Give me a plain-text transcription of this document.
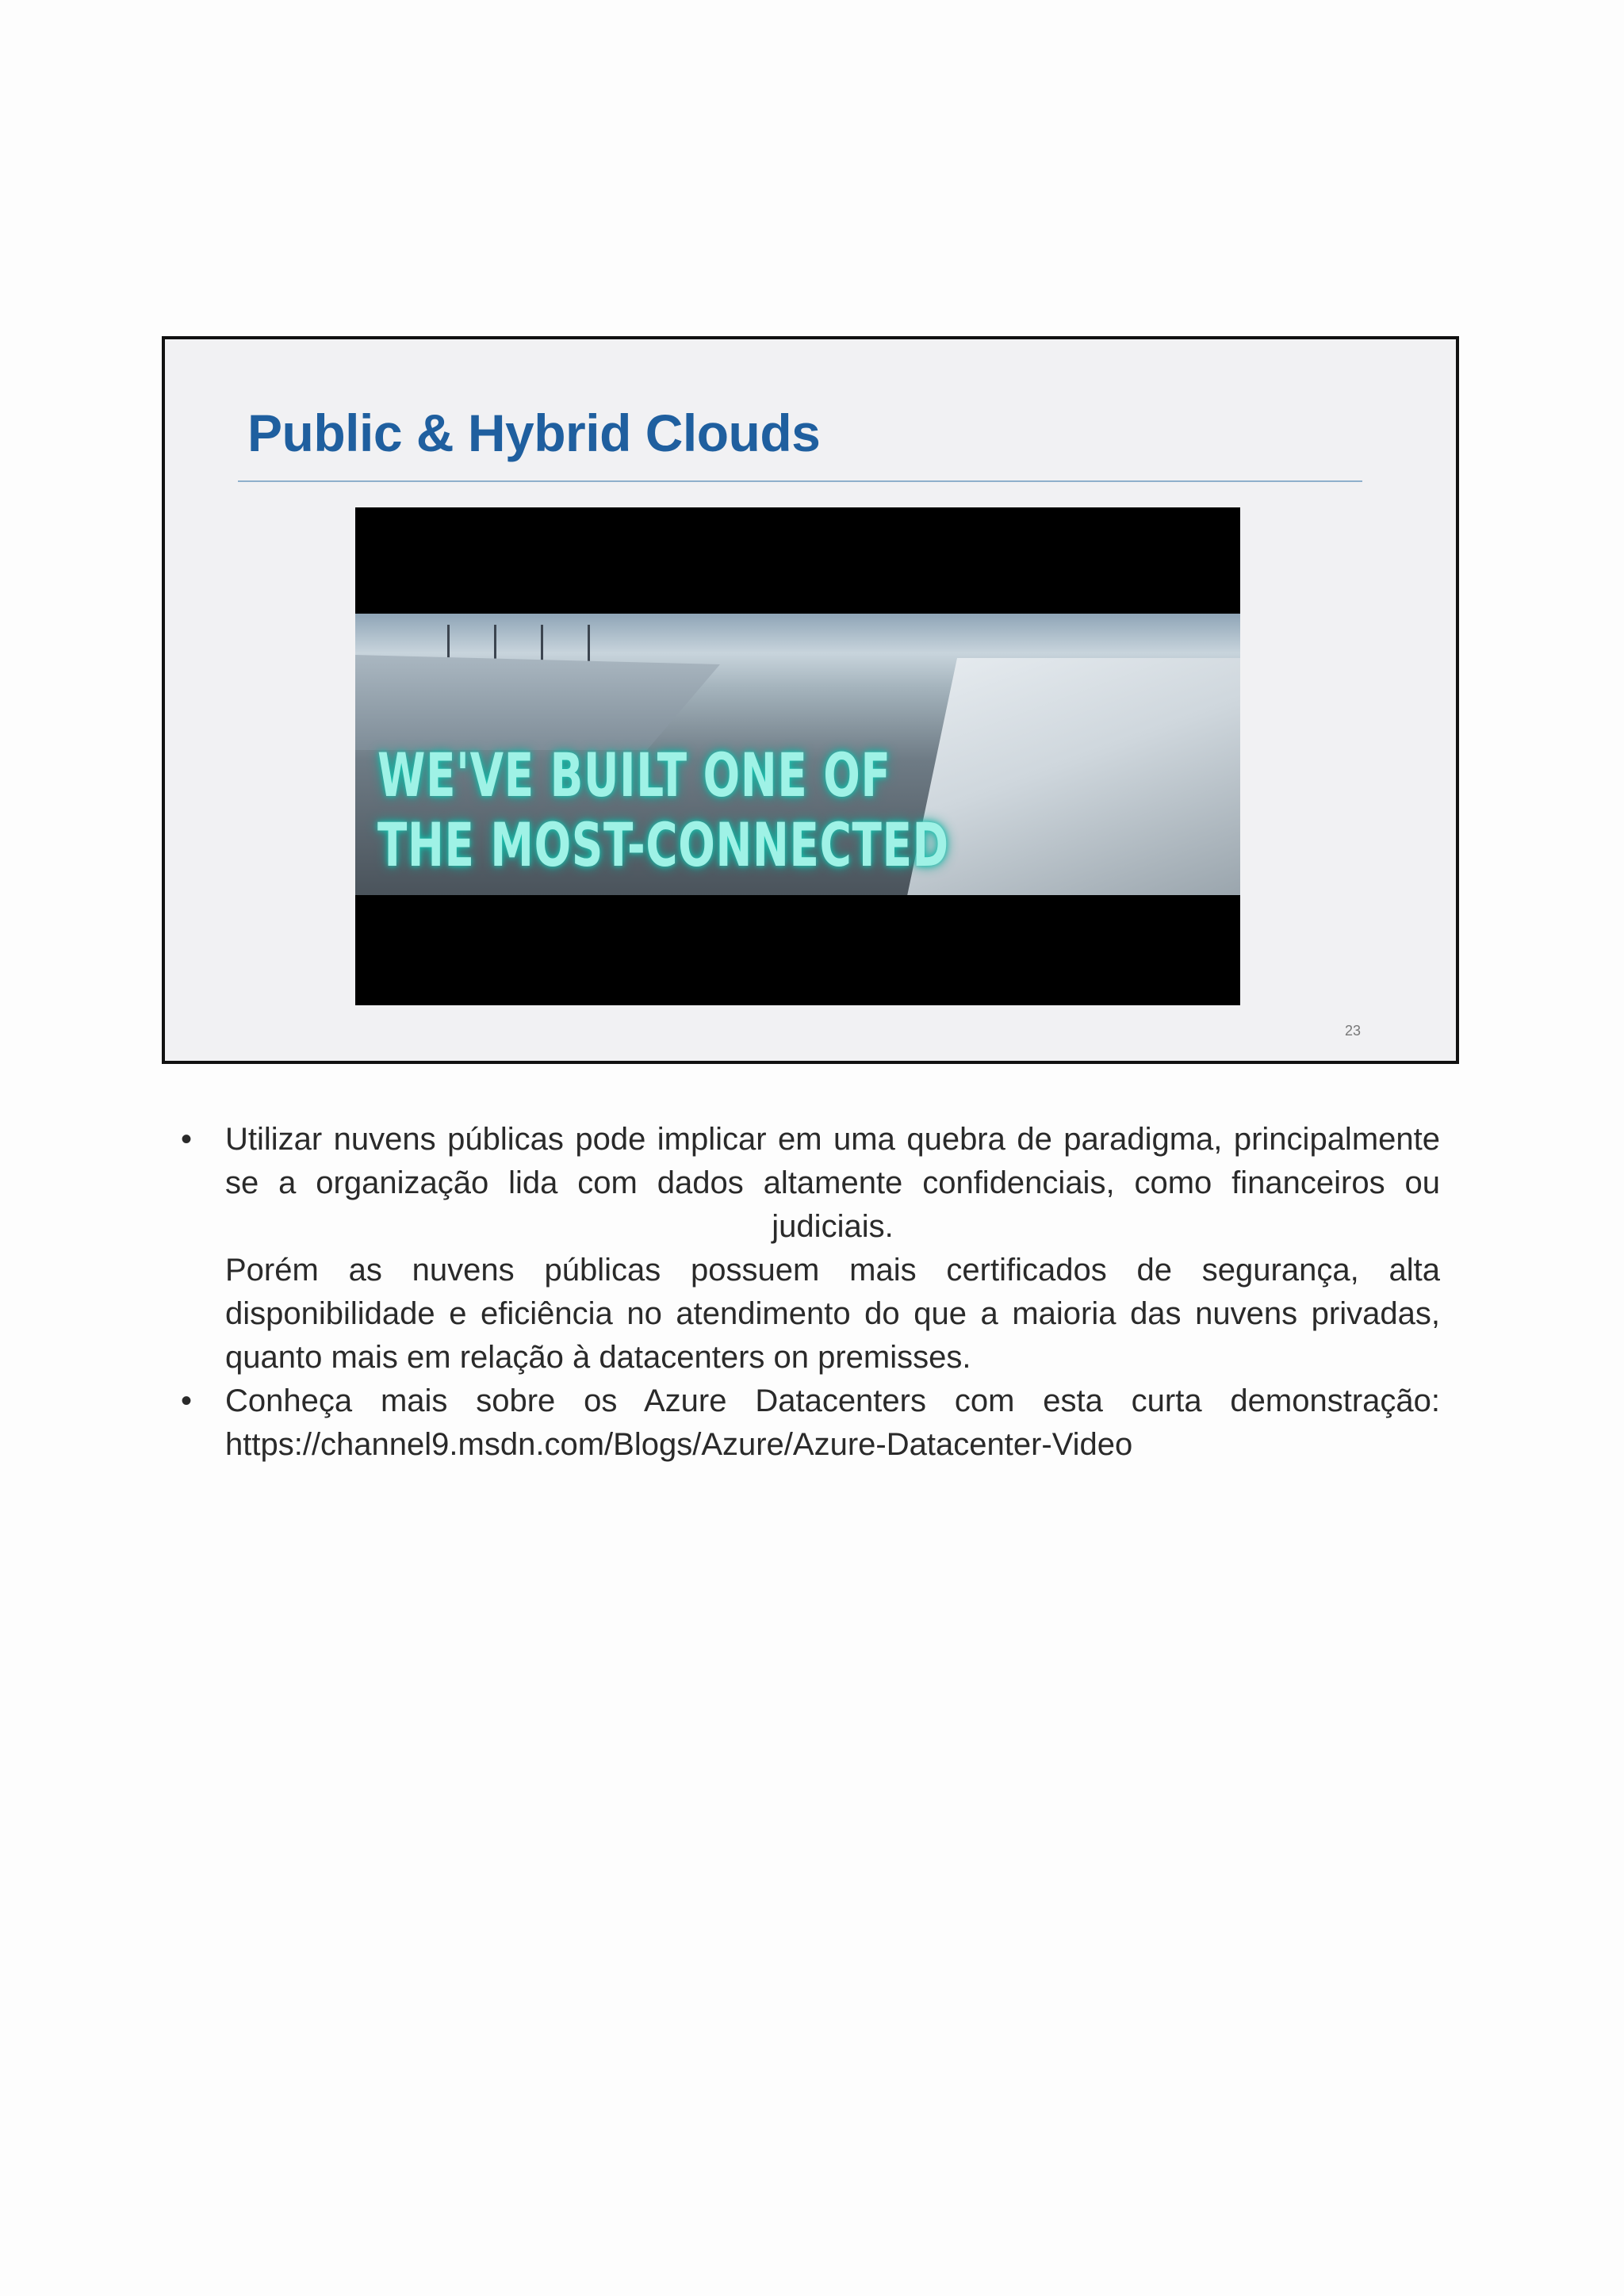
Public & Hybrid Clouds
WE'VE BUILT ONE OF
THE MOST-CONNECTED
23
•	Utilizar nuvens públicas pode implicar em uma quebra de paradigma, principalmente
se a organização lida com dados altamente confidenciais, como financeiros ou
judiciais.
Porém as nuvens públicas possuem mais certificados de segurança, alta
disponibilidade e eficiência no atendimento do que a maioria das nuvens privadas,
quanto mais em relação à datacenters on premisses.
•	Conheça mais sobre os Azure Datacenters com esta curta demonstração:
https://channel9.msdn.com/Blogs/Azure/Azure-Datacenter-Video
